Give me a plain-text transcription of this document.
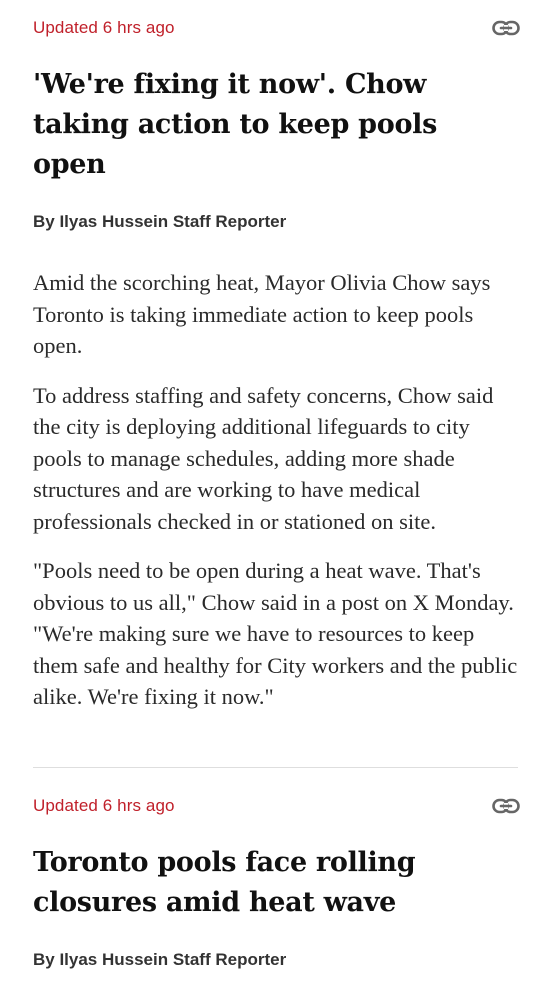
Updated 6 hrs ago
'We're fixing it now'. Chow taking action to keep pools open
By Ilyas Hussein Staff Reporter

Amid the scorching heat, Mayor Olivia Chow says Toronto is taking immediate action to keep pools open.

To address staffing and safety concerns, Chow said the city is deploying additional lifeguards to city pools to manage schedules, adding more shade structures and are working to have medical professionals checked in or stationed on site.

"Pools need to be open during a heat wave. That's obvious to us all," Chow said in a post on X Monday. "We're making sure we have to resources to keep them safe and healthy for City workers and the public alike. We're fixing it now."

Updated 6 hrs ago
Toronto pools face rolling closures amid heat wave
By Ilyas Hussein Staff Reporter
